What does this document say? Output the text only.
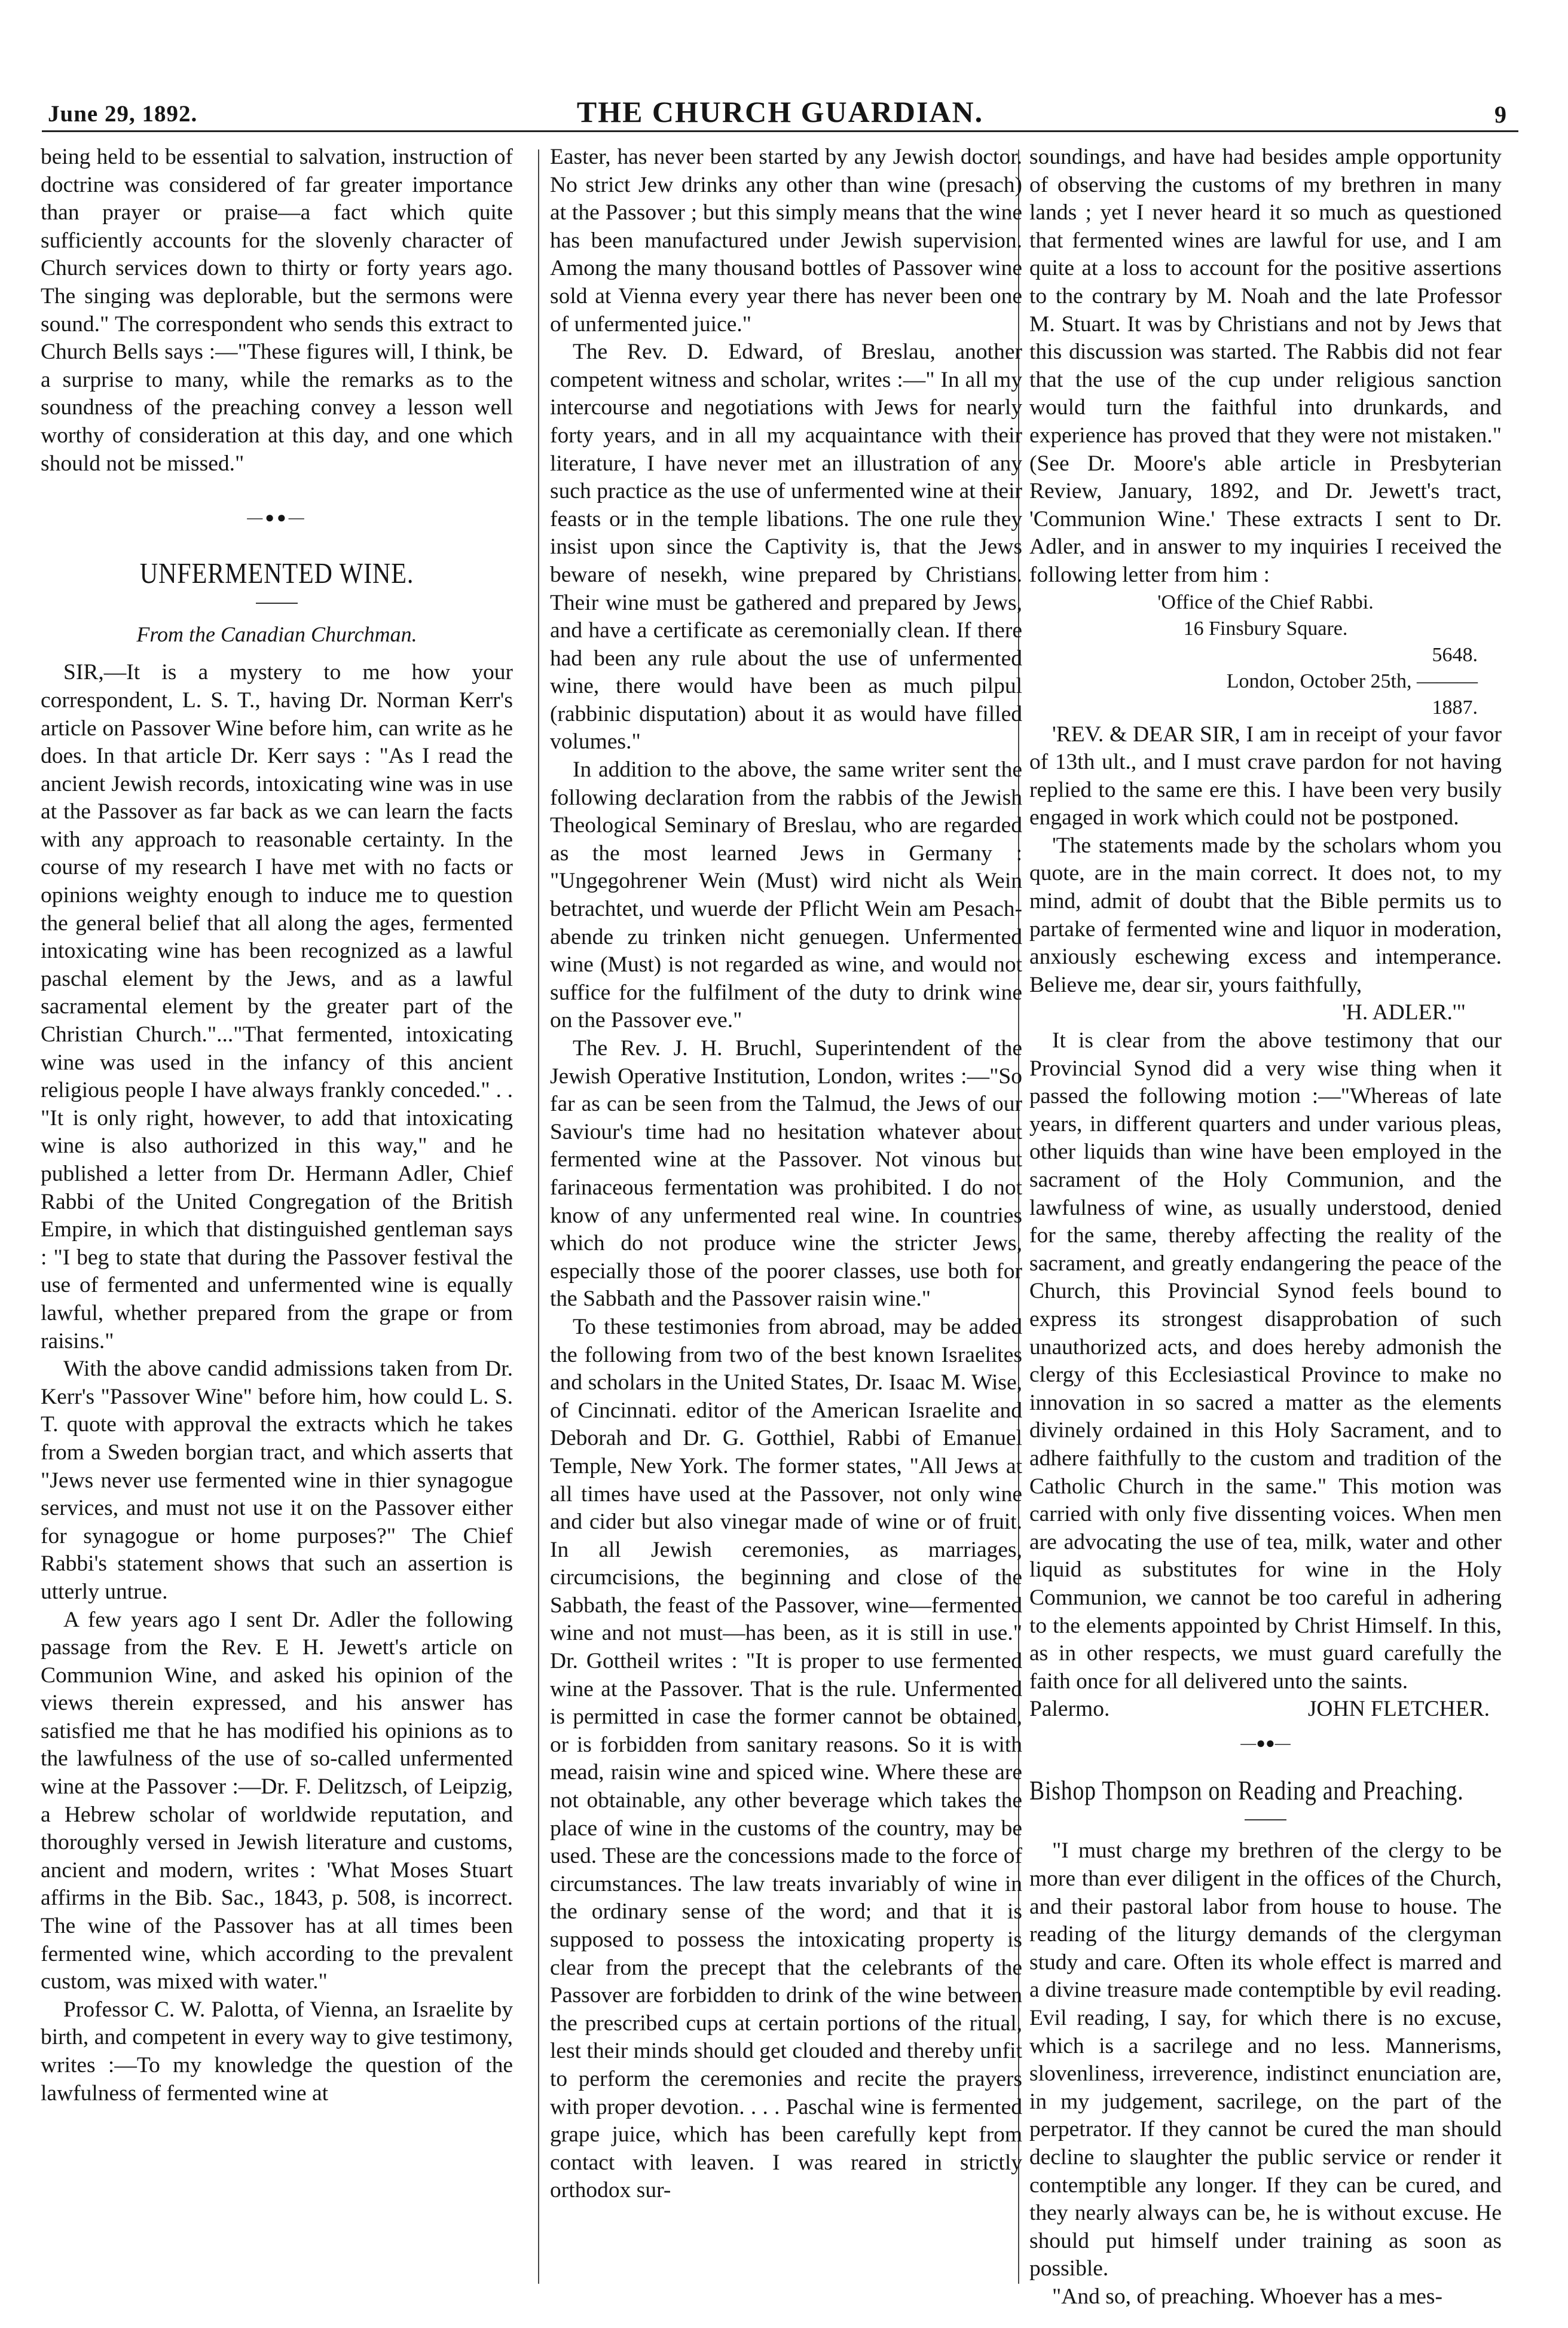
June 29, 1892.	THE CHURCH GUARDIAN.	9

being held to be essential to salvation, instruction of doctrine was considered of far greater importance than prayer or praise—a fact which quite sufficiently accounts for the slovenly character of Church services down to thirty or forty years ago. The singing was deplorable, but the sermons were sound." The correspondent who sends this extract to Church Bells says :—"These figures will, I think, be a surprise to many, while the remarks as to the soundness of the preaching convey a lesson well worthy of consideration at this day, and one which should not be missed."

—●●—
UNFERMENTED WINE.

From the Canadian Churchman.

SIR,—It is a mystery to me how your correspondent, L. S. T., having Dr. Norman Kerr's article on Passover Wine before him, can write as he does. In that article Dr. Kerr says : "As I read the ancient Jewish records, intoxicating wine was in use at the Passover as far back as we can learn the facts with any approach to reasonable certainty. In the course of my research I have met with no facts or opinions weighty enough to induce me to question the general belief that all along the ages, fermented intoxicating wine has been recognized as a lawful paschal element by the Jews, and as a lawful sacramental element by the greater part of the Christian Church."..."That fermented, intoxicating wine was used in the infancy of this ancient religious people I have always frankly conceded." . . "It is only right, however, to add that intoxicating wine is also authorized in this way," and he published a letter from Dr. Hermann Adler, Chief Rabbi of the United Congregation of the British Empire, in which that distinguished gentleman says : "I beg to state that during the Passover festival the use of fermented and unfermented wine is equally lawful, whether prepared from the grape or from raisins."

With the above candid admissions taken from Dr. Kerr's "Passover Wine" before him, how could L. S. T. quote with approval the extracts which he takes from a Sweden borgian tract, and which asserts that "Jews never use fermented wine in thier synagogue services, and must not use it on the Passover either for synagogue or home purposes?" The Chief Rabbi's statement shows that such an assertion is utterly untrue.

A few years ago I sent Dr. Adler the following passage from the Rev. E H. Jewett's article on Communion Wine, and asked his opinion of the views therein expressed, and his answer has satisfied me that he has modified his opinions as to the lawfulness of the use of so-called unfermented wine at the Passover :—Dr. F. Delitzsch, of Leipzig, a Hebrew scholar of worldwide reputation, and thoroughly versed in Jewish literature and customs, ancient and modern, writes : 'What Moses Stuart affirms in the Bib. Sac., 1843, p. 508, is incorrect. The wine of the Passover has at all times been fermented wine, which according to the prevalent custom, was mixed with water."

Professor C. W. Palotta, of Vienna, an Israelite by birth, and competent in every way to give testimony, writes :—To my knowledge the question of the lawfulness of fermented wine at

Easter, has never been started by any Jewish doctor. No strict Jew drinks any other than wine (presach) at the Passover ; but this simply means that the wine has been manufactured under Jewish supervision. Among the many thousand bottles of Passover wine sold at Vienna every year there has never been one of unfermented juice."

The Rev. D. Edward, of Breslau, another competent witness and scholar, writes :—" In all my intercourse and negotiations with Jews for nearly forty years, and in all my acquaintance with their literature, I have never met an illustration of any such practice as the use of unfermented wine at their feasts or in the temple libations. The one rule they insist upon since the Captivity is, that the Jews beware of nesekh, wine prepared by Christians. Their wine must be gathered and prepared by Jews, and have a certificate as ceremonially clean. If there had been any rule about the use of unfermented wine, there would have been as much pilpul (rabbinic disputation) about it as would have filled volumes."

In addition to the above, the same writer sent the following declaration from the rabbis of the Jewish Theological Seminary of Breslau, who are regarded as the most learned Jews in Germany : "Ungegohrener Wein (Must) wird nicht als Wein betrachtet, und wuerde der Pflicht Wein am Pesach-abende zu trinken nicht genuegen. Unfermented wine (Must) is not regarded as wine, and would not suffice for the fulfilment of the duty to drink wine on the Passover eve."

The Rev. J. H. Bruchl, Superintendent of the Jewish Operative Institution, London, writes :—"So far as can be seen from the Talmud, the Jews of our Saviour's time had no hesitation whatever about fermented wine at the Passover. Not vinous but farinaceous fermentation was prohibited. I do not know of any unfermented real wine. In countries which do not produce wine the stricter Jews, especially those of the poorer classes, use both for the Sabbath and the Passover raisin wine."

To these testimonies from abroad, may be added the following from two of the best known Israelites and scholars in the United States, Dr. Isaac M. Wise, of Cincinnati. editor of the American Israelite and Deborah and Dr. G. Gotthiel, Rabbi of Emanuel Temple, New York. The former states, "All Jews at all times have used at the Passover, not only wine and cider but also vinegar made of wine or of fruit. In all Jewish ceremonies, as marriages, circumcisions, the beginning and close of the Sabbath, the feast of the Passover, wine—fermented wine and not must—has been, as it is still in use." Dr. Gottheil writes : "It is proper to use fermented wine at the Passover. That is the rule. Unfermented is permitted in case the former cannot be obtained, or is forbidden from sanitary reasons. So it is with mead, raisin wine and spiced wine. Where these are not obtainable, any other beverage which takes the place of wine in the customs of the country, may be used. These are the concessions made to the force of circumstances. The law treats invariably of wine in the ordinary sense of the word; and that it is supposed to possess the intoxicating property is clear from the precept that the celebrants of the Passover are forbidden to drink of the wine between the prescribed cups at certain portions of the ritual, lest their minds should get clouded and thereby unfit to perform the ceremonies and recite the prayers with proper devotion. . . . Paschal wine is fermented grape juice, which has been carefully kept from contact with leaven. I was reared in strictly orthodox sur-

soundings, and have had besides ample opportunity of observing the customs of my brethren in many lands ; yet I never heard it so much as questioned that fermented wines are lawful for use, and I am quite at a loss to account for the positive assertions to the contrary by M. Noah and the late Professor M. Stuart. It was by Christians and not by Jews that this discussion was started. The Rabbis did not fear that the use of the cup under religious sanction would turn the faithful into drunkards, and experience has proved that they were not mistaken." (See Dr. Moore's able article in Presbyterian Review, January, 1892, and Dr. Jewett's tract, 'Communion Wine.' These extracts I sent to Dr. Adler, and in answer to my inquiries I received the following letter from him :

'Office of the Chief Rabbi.

16 Finsbury Square.

5648.

London, October 25th, ———

1887.

'REV. & DEAR SIR, I am in receipt of your favor of 13th ult., and I must crave pardon for not having replied to the same ere this. I have been very busily engaged in work which could not be postponed.

'The statements made by the scholars whom you quote, are in the main correct. It does not, to my mind, admit of doubt that the Bible permits us to partake of fermented wine and liquor in moderation, anxiously eschewing excess and intemperance. Believe me, dear sir, yours faithfully,

'H. ADLER.'"

It is clear from the above testimony that our Provincial Synod did a very wise thing when it passed the following motion :—"Whereas of late years, in different quarters and under various pleas, other liquids than wine have been employed in the sacrament of the Holy Communion, and the lawfulness of wine, as usually understood, denied for the same, thereby affecting the reality of the sacrament, and greatly endangering the peace of the Church, this Provincial Synod feels bound to express its strongest disapprobation of such unauthorized acts, and does hereby admonish the clergy of this Ecclesiastical Province to make no innovation in so sacred a matter as the elements divinely ordained in this Holy Sacrament, and to adhere faithfully to the custom and tradition of the Catholic Church in the same." This motion was carried with only five dissenting voices. When men are advocating the use of tea, milk, water and other liquid as substitutes for wine in the Holy Communion, we cannot be too careful in adhering to the elements appointed by Christ Himself. In this, as in other respects, we must guard carefully the faith once for all delivered unto the saints.

Palermo.	JOHN FLETCHER.
—●●—
Bishop Thompson on Reading and Preaching.

"I must charge my brethren of the clergy to be more than ever diligent in the offices of the Church, and their pastoral labor from house to house. The reading of the liturgy demands of the clergyman study and care. Often its whole effect is marred and a divine treasure made contemptible by evil reading. Evil reading, I say, for which there is no excuse, which is a sacrilege and no less. Mannerisms, slovenliness, irreverence, indistinct enunciation are, in my judgement, sacrilege, on the part of the perpetrator. If they cannot be cured the man should decline to slaughter the public service or render it contemptible any longer. If they can be cured, and they nearly always can be, he is without excuse. He should put himself under training as soon as possible.

"And so, of preaching. Whoever has a mes-
